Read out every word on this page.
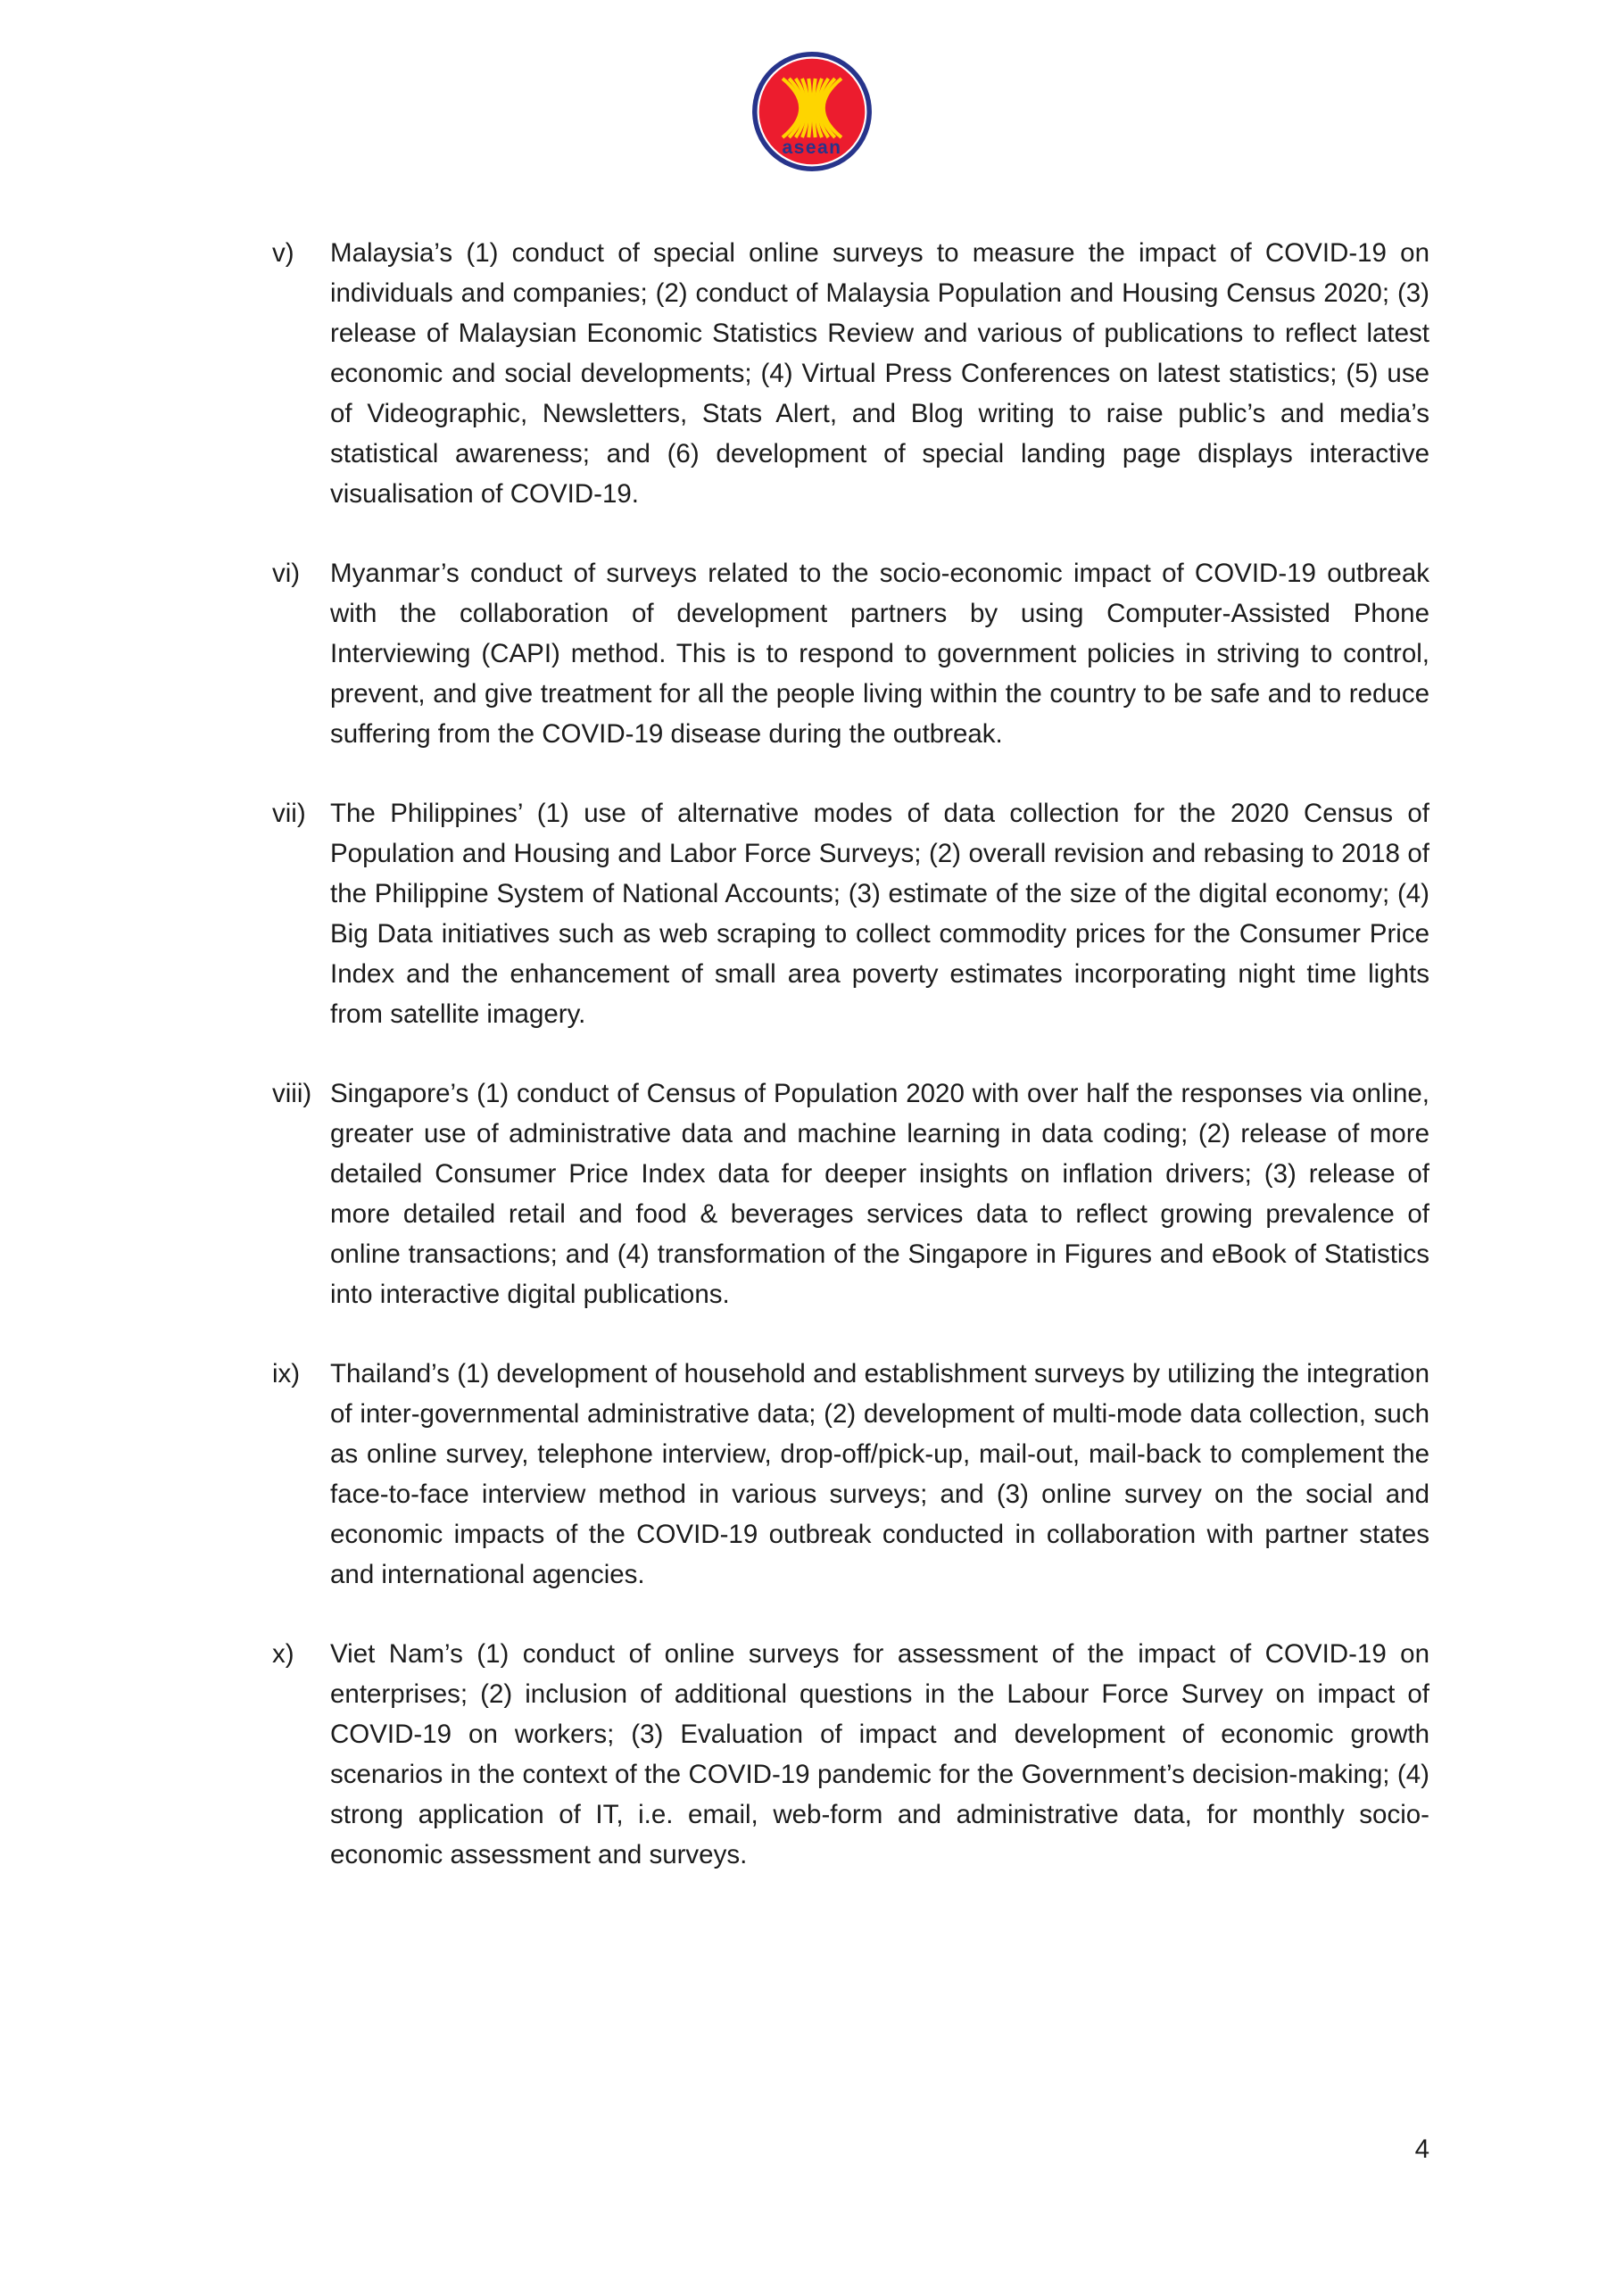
asean
v)	Malaysia’s (1) conduct of special online surveys to measure the impact of COVID-19 on individuals and companies; (2) conduct of Malaysia Population and Housing Census 2020; (3) release of Malaysian Economic Statistics Review and various of publications to reflect latest economic and social developments; (4) Virtual Press Conferences on latest statistics; (5) use of Videographic, Newsletters, Stats Alert, and Blog writing to raise public’s and media’s statistical awareness; and (6) development of special landing page displays interactive visualisation of COVID-19.
vi)	Myanmar’s conduct of surveys related to the socio-economic impact of COVID-19 outbreak with the collaboration of development partners by using Computer-Assisted Phone Interviewing (CAPI) method. This is to respond to government policies in striving to control, prevent, and give treatment for all the people living within the country to be safe and to reduce suffering from the COVID-19 disease during the outbreak.
vii) The Philippines’ (1) use of alternative modes of data collection for the 2020 Census of Population and Housing and Labor Force Surveys; (2) overall revision and rebasing to 2018 of the Philippine System of National Accounts; (3) estimate of the size of the digital economy; (4) Big Data initiatives such as web scraping to collect commodity prices for the Consumer Price Index and the enhancement of small area poverty estimates incorporating night time lights from satellite imagery.
viii) Singapore’s (1) conduct of Census of Population 2020 with over half the responses via online, greater use of administrative data and machine learning in data coding; (2) release of more detailed Consumer Price Index data for deeper insights on inflation drivers; (3) release of more detailed retail and food & beverages services data to reflect growing prevalence of online transactions; and (4) transformation of the Singapore in Figures and eBook of Statistics into interactive digital publications.
ix)	Thailand’s (1) development of household and establishment surveys by utilizing the integration of inter-governmental administrative data; (2) development of multi-mode data collection, such as online survey, telephone interview, drop-off/pick-up, mail-out, mail-back to complement the face-to-face interview method in various surveys; and (3) online survey on the social and economic impacts of the COVID-19 outbreak conducted in collaboration with partner states and international agencies.
x)	Viet Nam’s (1) conduct of online surveys for assessment of the impact of COVID-19 on enterprises; (2) inclusion of additional questions in the Labour Force Survey on impact of COVID-19 on workers; (3) Evaluation of impact and development of economic growth scenarios in the context of the COVID-19 pandemic for the Government’s decision-making; (4) strong application of IT, i.e. email, web-form and administrative data, for monthly socio-economic assessment and surveys.
4
